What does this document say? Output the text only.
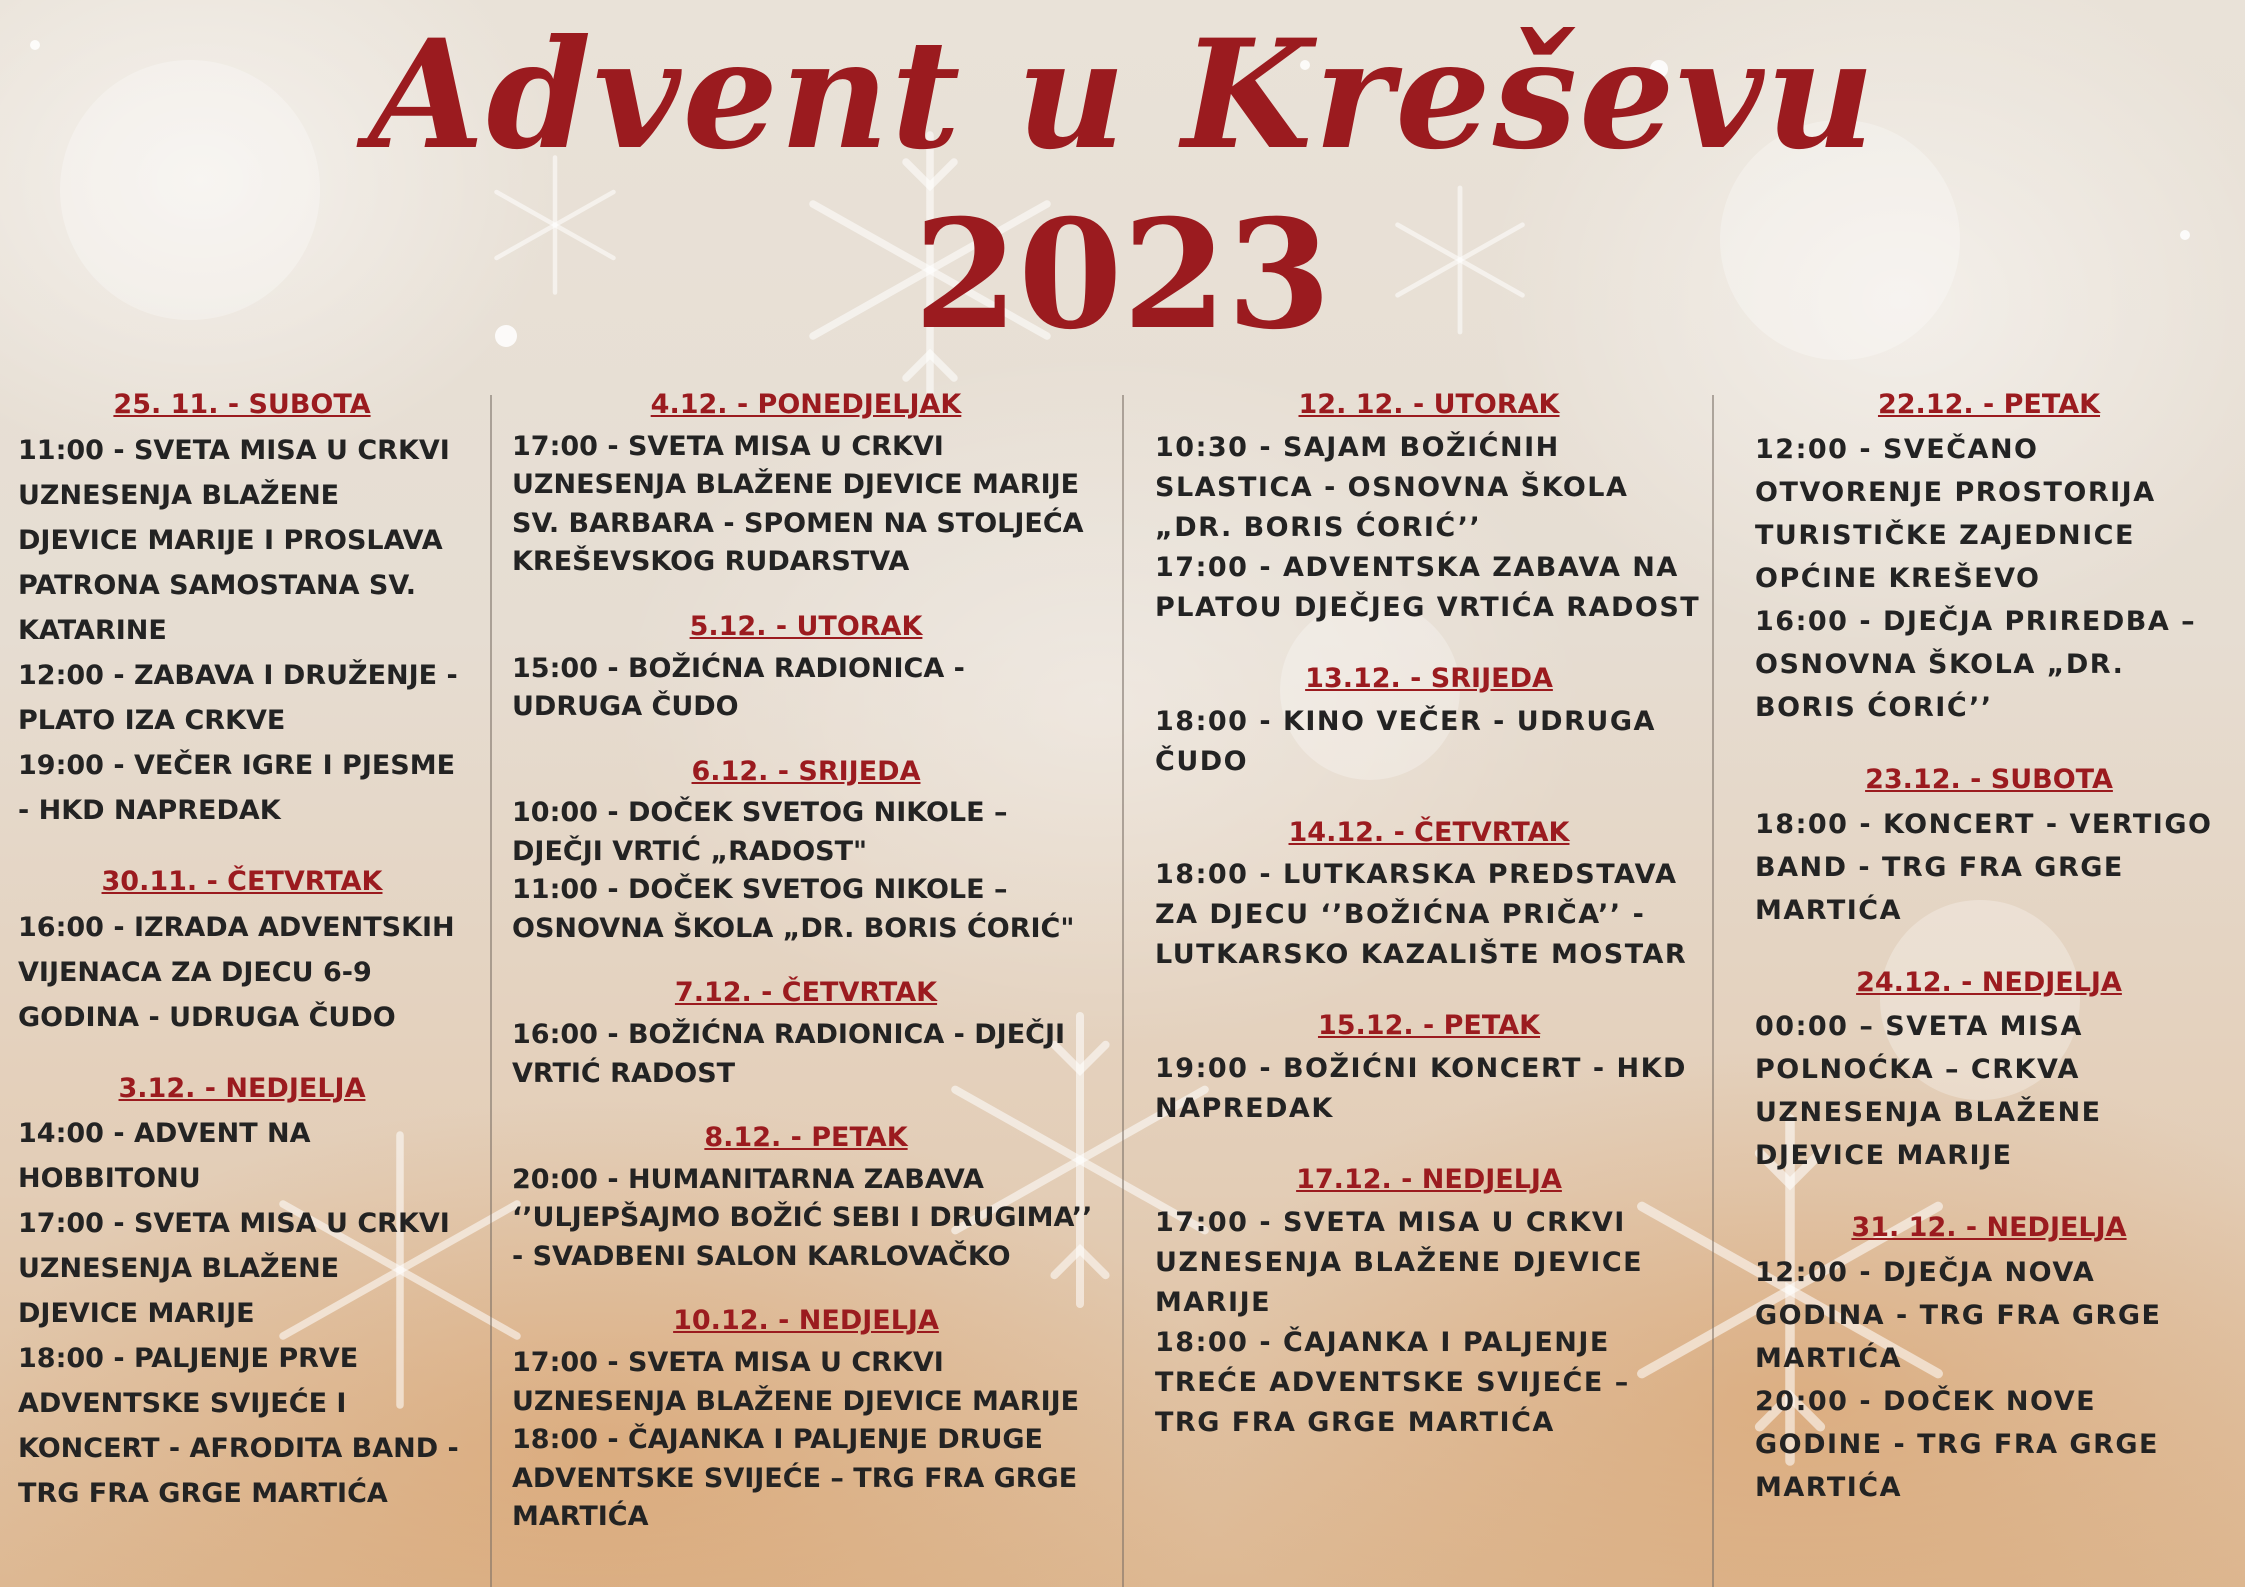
Advent u Kreševu
2023

25. 11. - SUBOTA

11:00 - SVETA MISA U CRKVI UZNESENJA BLAŽENE DJEVICE MARIJE I PROSLAVA PATRONA SAMOSTANA SV. KATARINE

12:00 - ZABAVA I DRUŽENJE - PLATO IZA CRKVE

19:00 - VEČER IGRE I PJESME - HKD NAPREDAK

30.11. - ČETVRTAK

16:00 - IZRADA ADVENTSKIH VIJENACA ZA DJECU 6-9 GODINA - UDRUGA ČUDO

3.12. - NEDJELJA

14:00 - ADVENT NA HOBBITONU

17:00 - SVETA MISA U CRKVI UZNESENJA BLAŽENE DJEVICE MARIJE

18:00 - PALJENJE PRVE ADVENTSKE SVIJEĆE I KONCERT - AFRODITA BAND - TRG FRA GRGE MARTIĆA

4.12. - PONEDJELJAK

17:00 - SVETA MISA U CRKVI UZNESENJA BLAŽENE DJEVICE MARIJE

SV. BARBARA - SPOMEN NA STOLJEĆA KREŠEVSKOG RUDARSTVA

5.12. - UTORAK

15:00 - BOŽIĆNA RADIONICA - UDRUGA ČUDO

6.12. - SRIJEDA

10:00 - DOČEK SVETOG NIKOLE – DJEČJI VRTIĆ „RADOST"

11:00 - DOČEK SVETOG NIKOLE – OSNOVNA ŠKOLA „DR. BORIS ĆORIĆ"

7.12. - ČETVRTAK

16:00 - BOŽIĆNA RADIONICA - DJEČJI VRTIĆ RADOST

8.12. - PETAK

20:00 - HUMANITARNA ZABAVA ‘’ULJEPŠAJMO BOŽIĆ SEBI I DRUGIMA’’ - SVADBENI SALON KARLOVAČKO

10.12. - NEDJELJA

17:00 - SVETA MISA U CRKVI UZNESENJA BLAŽENE DJEVICE MARIJE

18:00 - ČAJANKA I PALJENJE DRUGE ADVENTSKE SVIJEĆE – TRG FRA GRGE MARTIĆA

12. 12. - UTORAK

10:30 - SAJAM BOŽIĆNIH SLASTICA - OSNOVNA ŠKOLA „DR. BORIS ĆORIĆ’’

17:00 - ADVENTSKA ZABAVA NA PLATOU DJEČJEG VRTIĆA RADOST

13.12. - SRIJEDA

18:00 - KINO VEČER - UDRUGA ČUDO

14.12. - ČETVRTAK

18:00 - LUTKARSKA PREDSTAVA ZA DJECU ‘’BOŽIĆNA PRIČA’’ - LUTKARSKO KAZALIŠTE MOSTAR

15.12. - PETAK

19:00 - BOŽIĆNI KONCERT - HKD NAPREDAK

17.12. - NEDJELJA

17:00 - SVETA MISA U CRKVI UZNESENJA BLAŽENE DJEVICE MARIJE

18:00 - ČAJANKA I PALJENJE TREĆE ADVENTSKE SVIJEĆE – TRG FRA GRGE MARTIĆA

22.12. - PETAK

12:00 - SVEČANO OTVORENJE PROSTORIJA TURISTIČKE ZAJEDNICE OPĆINE KREŠEVO

16:00 - DJEČJA PRIREDBA – OSNOVNA ŠKOLA „DR. BORIS ĆORIĆ’’

23.12. - SUBOTA

18:00 - KONCERT - VERTIGO BAND - TRG FRA GRGE MARTIĆA

24.12. - NEDJELJA

00:00 – SVETA MISA POLNOĆKA – CRKVA UZNESENJA BLAŽENE DJEVICE MARIJE

31. 12. - NEDJELJA

12:00 - DJEČJA NOVA GODINA - TRG FRA GRGE MARTIĆA

20:00 - DOČEK NOVE GODINE - TRG FRA GRGE MARTIĆA
